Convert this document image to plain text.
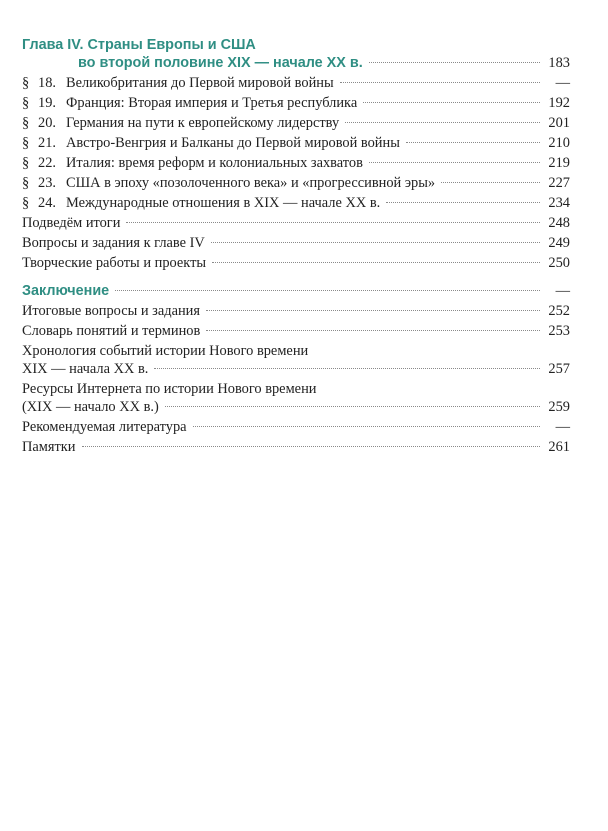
Глава IV. Страны Европы и США
во второй половине XIX — начале XX в.	183
§ 18. Великобритания до Первой мировой войны	—
§ 19. Франция: Вторая империя и Третья республика	192
§ 20. Германия на пути к европейскому лидерству	201
§ 21. Австро-Венгрия и Балканы до Первой мировой войны	210
§ 22. Италия: время реформ и колониальных захватов	219
§ 23. США в эпоху «позолоченного века» и «прогрессивной эры»	227
§ 24. Международные отношения в XIX — начале XX в.	234
Подведём итоги	248
Вопросы и задания к главе IV	249
Творческие работы и проекты	250
Заключение	—
Итоговые вопросы и задания	252
Словарь понятий и терминов	253
Хронология событий истории Нового времени
XIX — начала XX в.	257
Ресурсы Интернета по истории Нового времени
(XIX — начало XX в.)	259
Рекомендуемая литература	—
Памятки	261
